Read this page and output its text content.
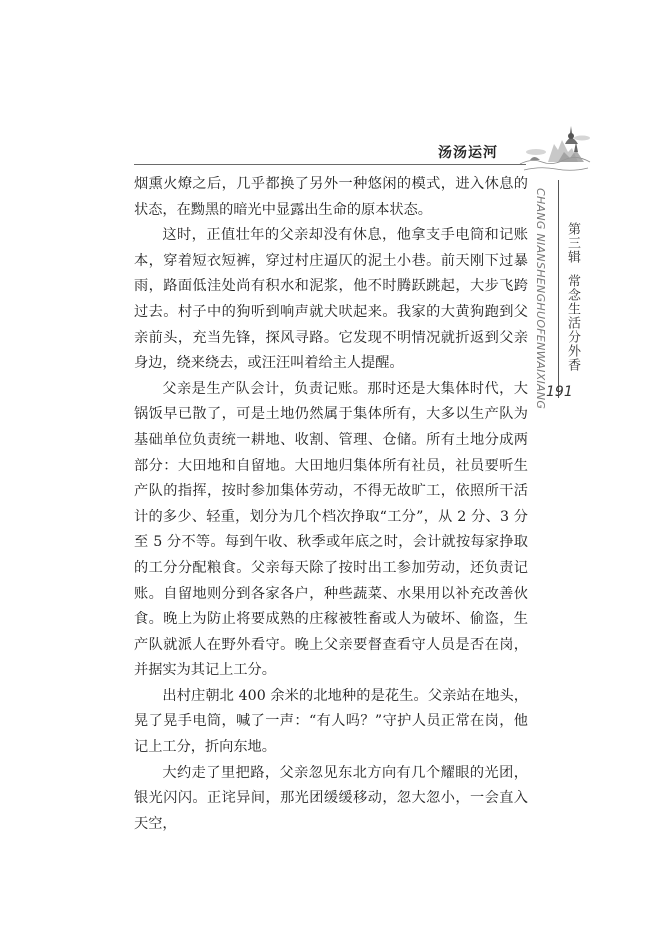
汤汤运河

烟熏火燎之后，几乎都换了另外一种悠闲的模式，进入休息的状态，在黝黑的暗光中显露出生命的原本状态。

这时，正值壮年的父亲却没有休息，他拿支手电筒和记账本，穿着短衣短裤，穿过村庄逼仄的泥土小巷。前天刚下过暴雨，路面低洼处尚有积水和泥浆，他不时腾跃跳起，大步飞跨过去。村子中的狗听到响声就犬吠起来。我家的大黄狗跑到父亲前头，充当先锋，探风寻路。它发现不明情况就折返到父亲身边，绕来绕去，或汪汪叫着给主人提醒。

父亲是生产队会计，负责记账。那时还是大集体时代，大锅饭早已散了，可是土地仍然属于集体所有，大多以生产队为基础单位负责统一耕地、收割、管理、仓储。所有土地分成两部分：大田地和自留地。大田地归集体所有社员，社员要听生产队的指挥，按时参加集体劳动，不得无故旷工，依照所干活计的多少、轻重，划分为几个档次挣取“工分”，从 2 分、3 分至 5 分不等。每到午收、秋季或年底之时，会计就按每家挣取的工分分配粮食。父亲每天除了按时出工参加劳动，还负责记账。自留地则分到各家各户，种些蔬菜、水果用以补充改善伙食。晚上为防止将要成熟的庄稼被牲畜或人为破坏、偷盗，生产队就派人在野外看守。晚上父亲要督查看守人员是否在岗，并据实为其记上工分。

出村庄朝北 400 余米的北地种的是花生。父亲站在地头，晃了晃手电筒，喊了一声：“有人吗？”守护人员正常在岗，他记上工分，折向东地。

大约走了里把路，父亲忽见东北方向有几个耀眼的光团，银光闪闪。正诧异间，那光团缓缓移动，忽大忽小，一会直入天空，

CHANG NIANSHENGHUOFENWAIXIANG 第三辑常念生活分外香
191
